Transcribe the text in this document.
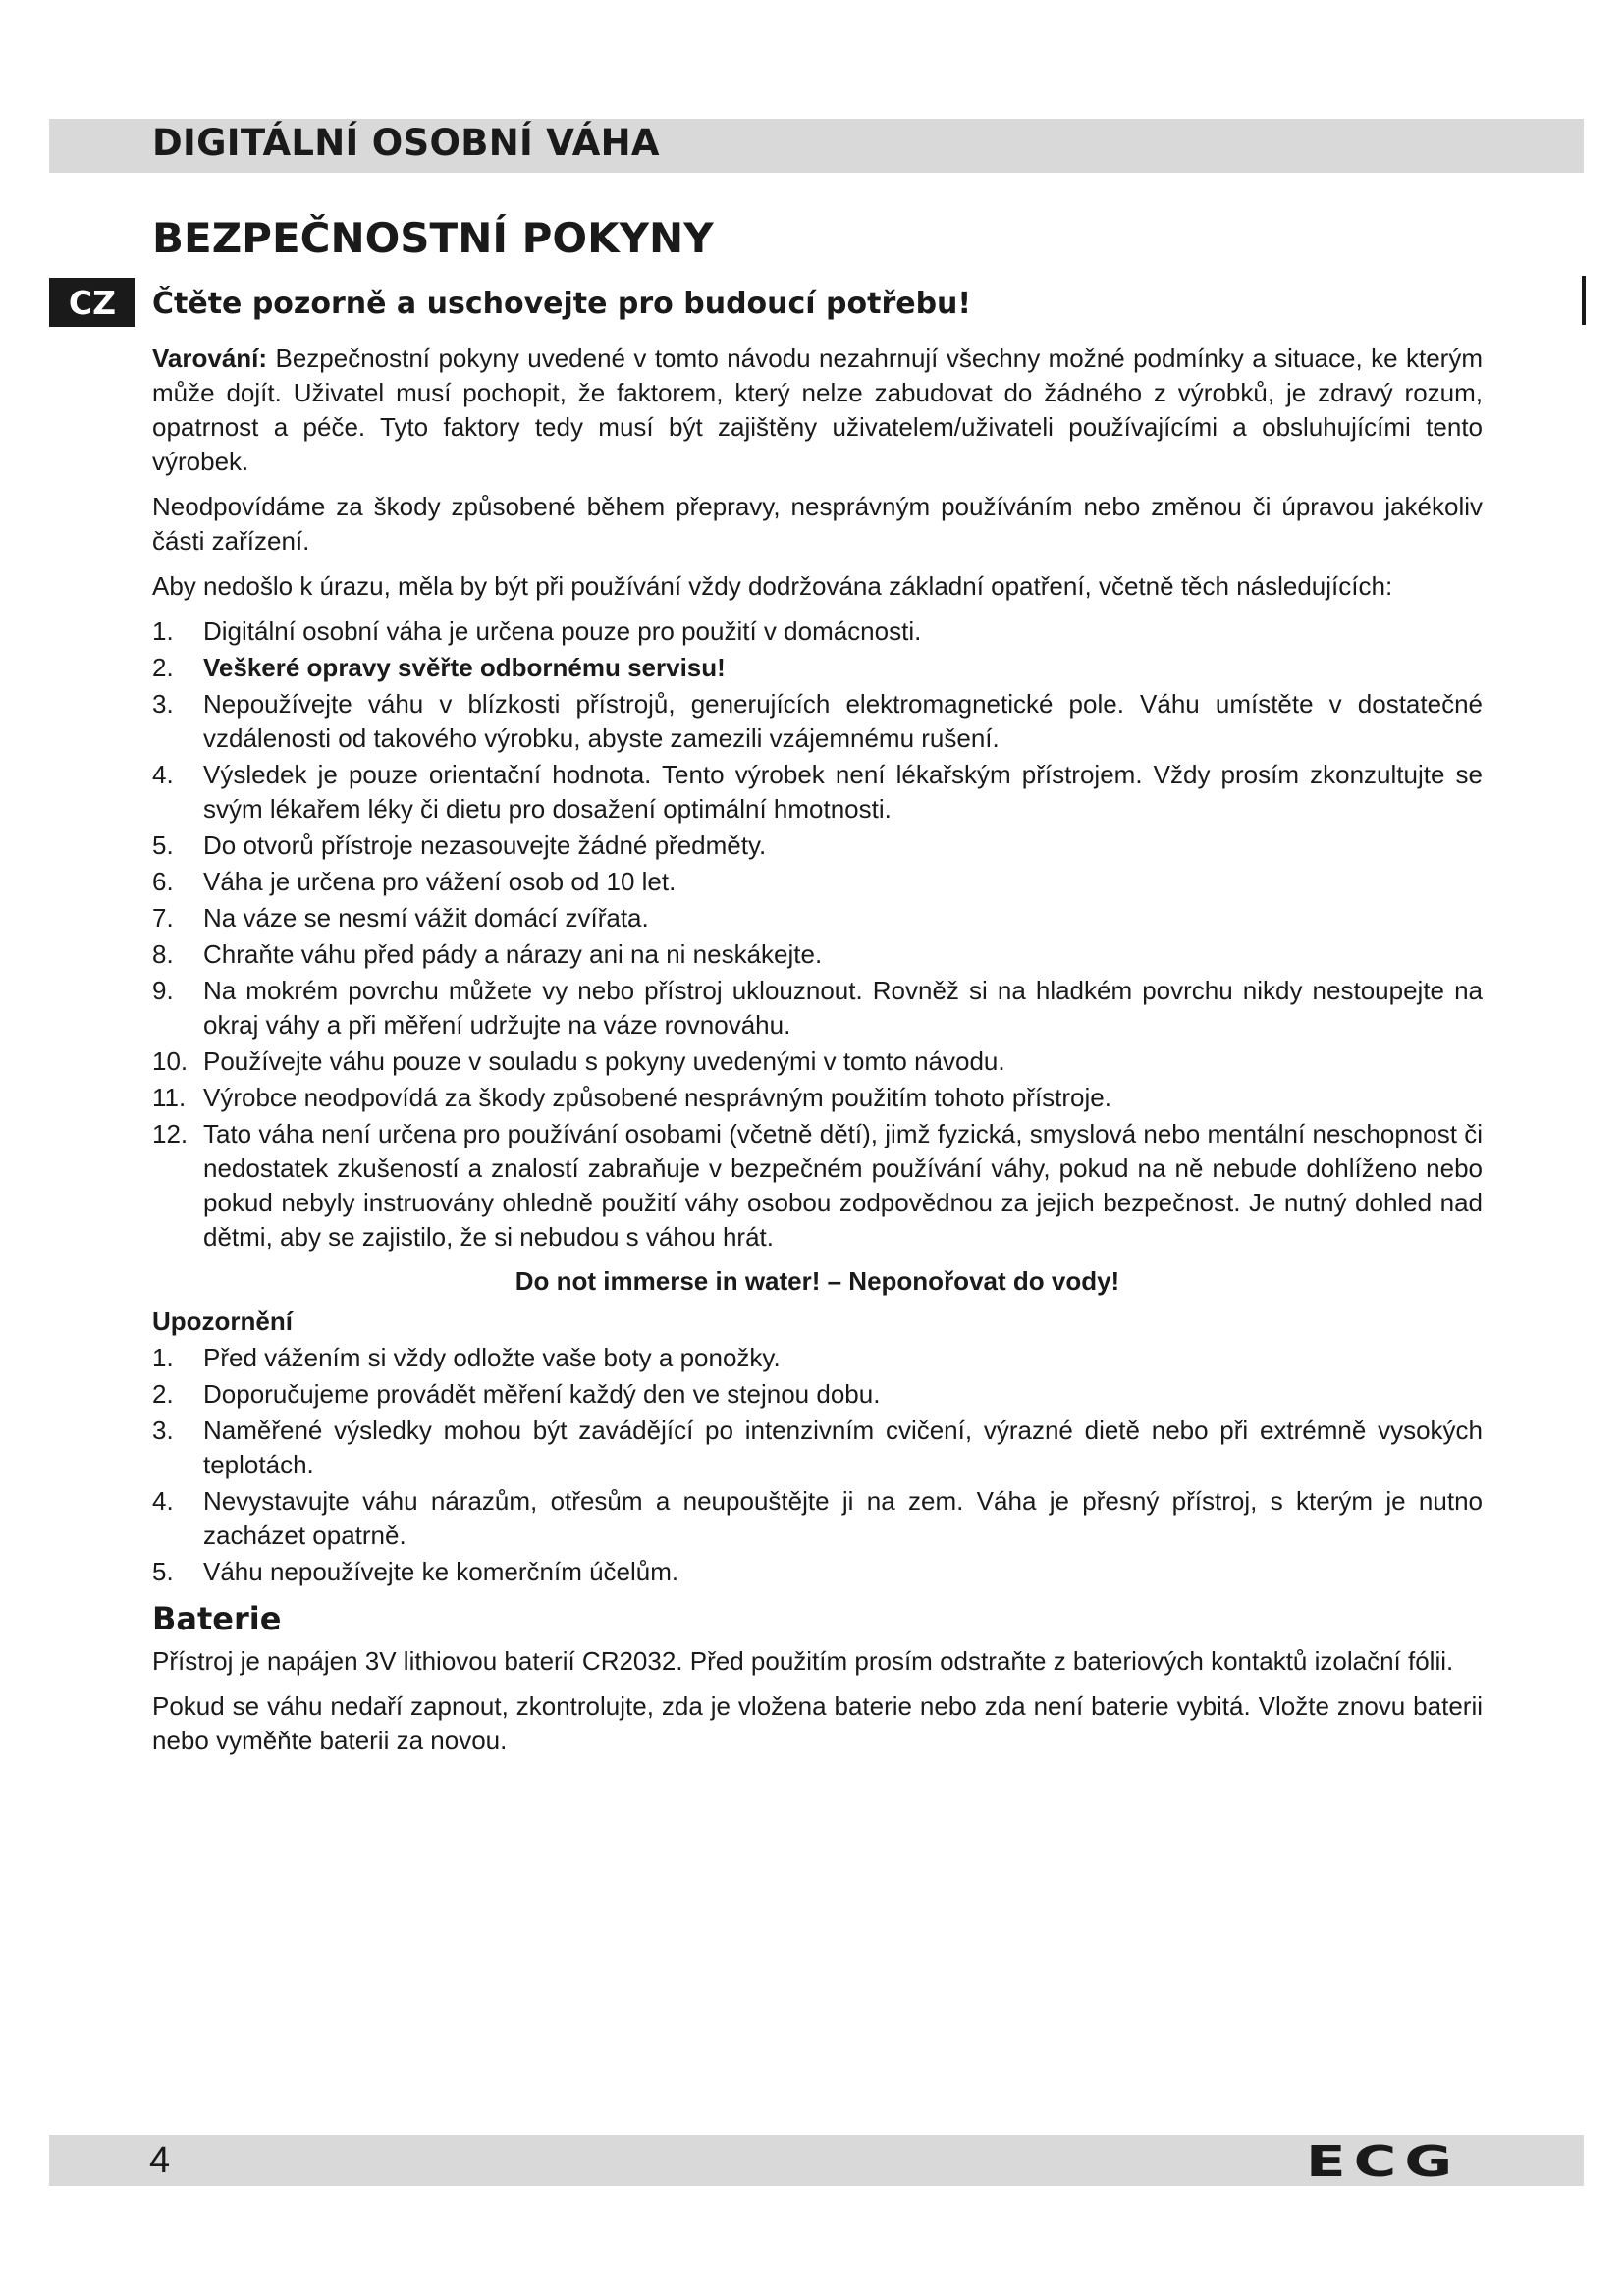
DIGITÁLNÍ OSOBNÍ VÁHA
BEZPEČNOSTNÍ POKYNY
CZ	Čtěte pozorně a uschovejte pro budoucí potřebu!

Varování: Bezpečnostní pokyny uvedené v tomto návodu nezahrnují všechny možné podmínky a situace, ke kterým může dojít. Uživatel musí pochopit, že faktorem, který nelze zabudovat do žádného z výrobků, je zdravý rozum, opatrnost a péče. Tyto faktory tedy musí být zajištěny uživatelem/uživateli používajícími a obsluhujícími tento výrobek.

Neodpovídáme za škody způsobené během přepravy, nesprávným používáním nebo změnou či úpravou jakékoliv části zařízení.

Aby nedošlo k úrazu, měla by být při používání vždy dodržována základní opatření, včetně těch následujících:

1. Digitální osobní váha je určena pouze pro použití v domácnosti.
2. Veškeré opravy svěřte odbornému servisu!
3. Nepoužívejte váhu v blízkosti přístrojů, generujících elektromagnetické pole. Váhu umístěte v dostatečné vzdálenosti od takového výrobku, abyste zamezili vzájemnému rušení.
4. Výsledek je pouze orientační hodnota. Tento výrobek není lékařským přístrojem. Vždy prosím zkonzultujte se svým lékařem léky či dietu pro dosažení optimální hmotnosti.
5. Do otvorů přístroje nezasouvejte žádné předměty.
6. Váha je určena pro vážení osob od 10 let.
7. Na váze se nesmí vážit domácí zvířata.
8. Chraňte váhu před pády a nárazy ani na ni neskákejte.
9. Na mokrém povrchu můžete vy nebo přístroj uklouznout. Rovněž si na hladkém povrchu nikdy nestoupejte na okraj váhy a při měření udržujte na váze rovnováhu.
10. Používejte váhu pouze v souladu s pokyny uvedenými v tomto návodu.
11. Výrobce neodpovídá za škody způsobené nesprávným použitím tohoto přístroje.
12. Tato váha není určena pro používání osobami (včetně dětí), jimž fyzická, smyslová nebo mentální neschopnost či nedostatek zkušeností a znalostí zabraňuje v bezpečném používání váhy, pokud na ně nebude dohlíženo nebo pokud nebyly instruovány ohledně použití váhy osobou zodpovědnou za jejich bezpečnost. Je nutný dohled nad dětmi, aby se zajistilo, že si nebudou s váhou hrát.
Do not immerse in water! – Neponořovat do vody!
Upozornění
1. Před vážením si vždy odložte vaše boty a ponožky.
2. Doporučujeme provádět měření každý den ve stejnou dobu.
3. Naměřené výsledky mohou být zavádějící po intenzivním cvičení, výrazné dietě nebo při extrémně vysokých teplotách.
4. Nevystavujte váhu nárazům, otřesům a neupouštějte ji na zem. Váha je přesný přístroj, s kterým je nutno zacházet opatrně.
5. Váhu nepoužívejte ke komerčním účelům.
Baterie

Přístroj je napájen 3V lithiovou baterií CR2032. Před použitím prosím odstraňte z bateriových kontaktů izolační fólii.

Pokud se váhu nedaří zapnout, zkontrolujte, zda je vložena baterie nebo zda není baterie vybitá. Vložte znovu baterii nebo vyměňte baterii za novou.

4	ECG
